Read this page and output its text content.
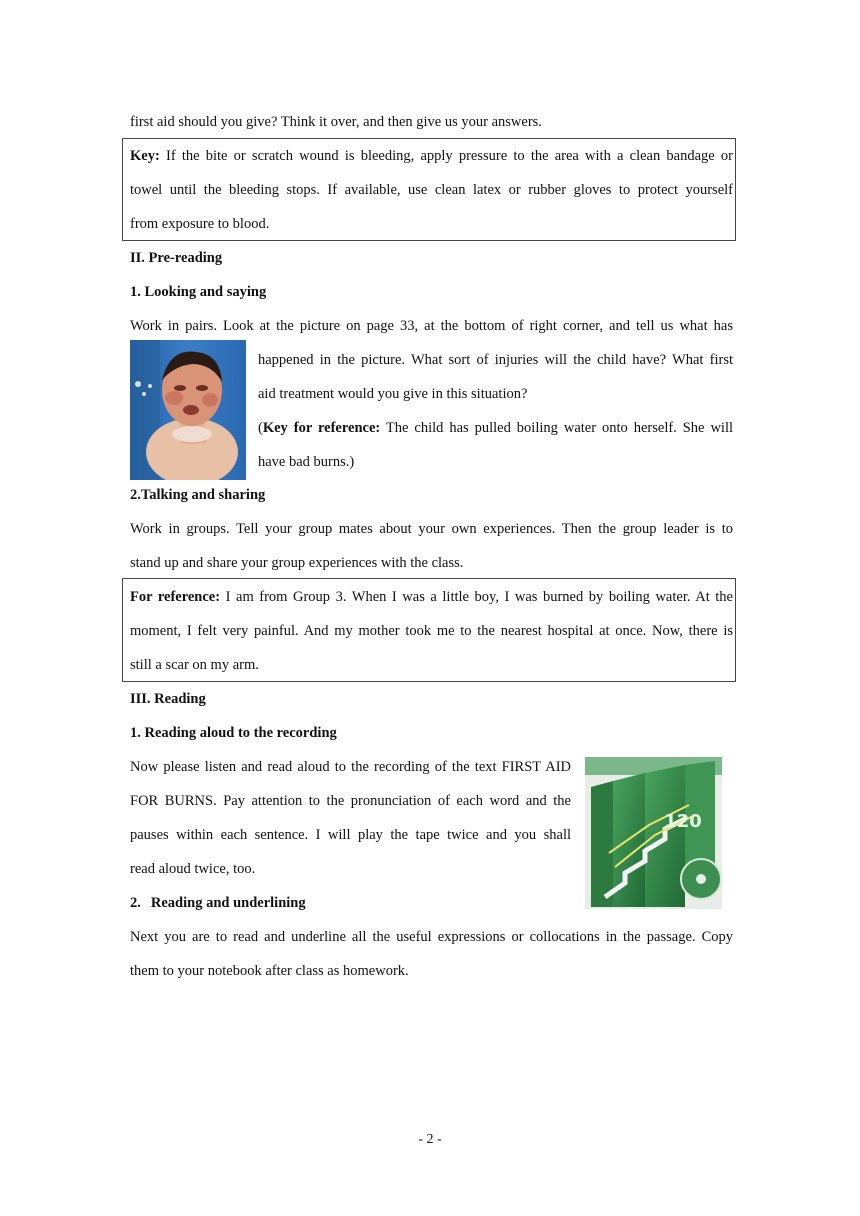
first aid should you give? Think it over, and then give us your answers.
Key: If the bite or scratch wound is bleeding, apply pressure to the area with a clean bandage or
towel until the bleeding stops. If available, use clean latex or rubber gloves to protect yourself
from exposure to blood.
II. Pre-reading
1. Looking and saying
Work in pairs. Look at the picture on page 33, at the bottom of right corner, and tell us what has
happened in the picture. What sort of injuries will the child have? What first
aid treatment would you give in this situation?
(Key for reference: The child has pulled boiling water onto herself. She will
have bad burns.)
2.Talking and sharing
Work in groups. Tell your group mates about your own experiences. Then the group leader is to
stand up and share your group experiences with the class.
For reference: I am from Group 3. When I was a little boy, I was burned by boiling water. At the
moment, I felt very painful. And my mother took me to the nearest hospital at once. Now, there is
still a scar on my arm.
III. Reading
1. Reading aloud to the recording
Now please listen and read aloud to the recording of the text FIRST AID
FOR BURNS. Pay attention to the pronunciation of each word and the
pauses within each sentence. I will play the tape twice and you shall
read aloud twice, too.
120
2. Reading and underlining
Next you are to read and underline all the useful expressions or collocations in the passage. Copy
them to your notebook after class as homework.
- 2 -
